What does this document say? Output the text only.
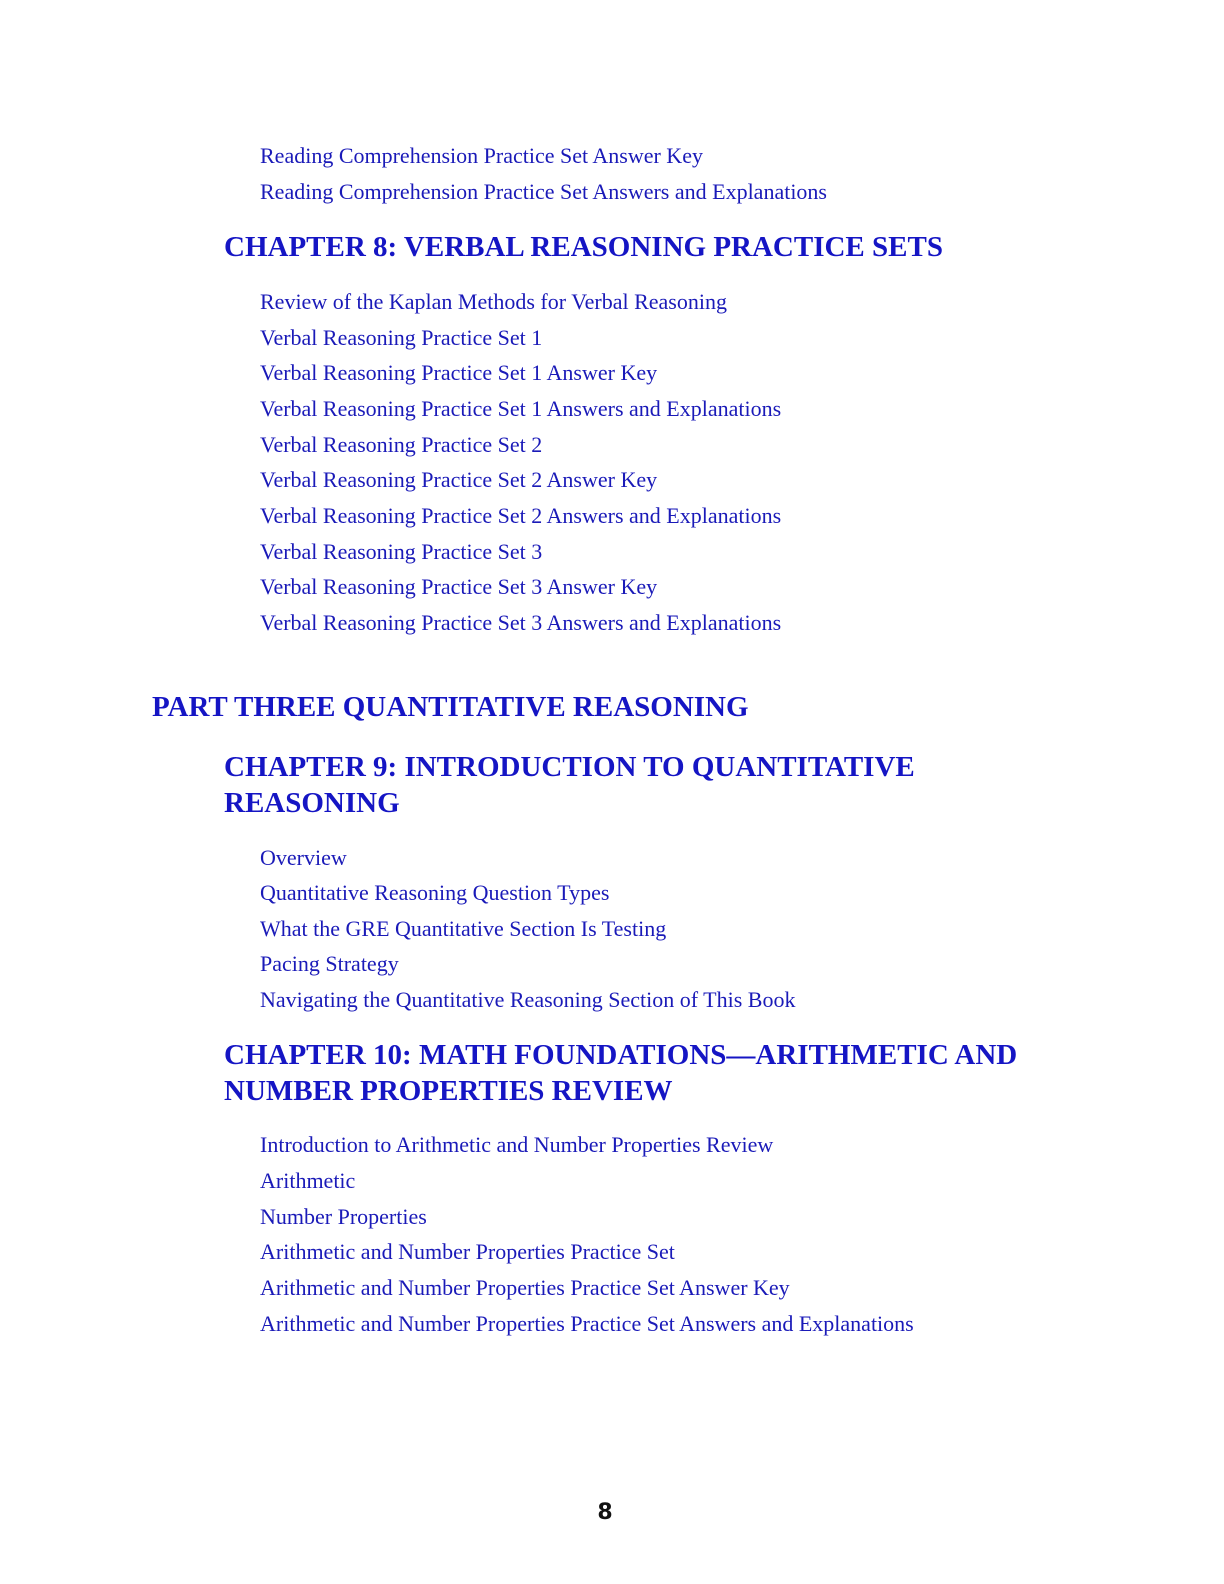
Reading Comprehension Practice Set Answer Key
Reading Comprehension Practice Set Answers and Explanations
CHAPTER 8: VERBAL REASONING PRACTICE SETS
Review of the Kaplan Methods for Verbal Reasoning
Verbal Reasoning Practice Set 1
Verbal Reasoning Practice Set 1 Answer Key
Verbal Reasoning Practice Set 1 Answers and Explanations
Verbal Reasoning Practice Set 2
Verbal Reasoning Practice Set 2 Answer Key
Verbal Reasoning Practice Set 2 Answers and Explanations
Verbal Reasoning Practice Set 3
Verbal Reasoning Practice Set 3 Answer Key
Verbal Reasoning Practice Set 3 Answers and Explanations
PART THREE QUANTITATIVE REASONING
CHAPTER 9: INTRODUCTION TO QUANTITATIVE
REASONING
Overview
Quantitative Reasoning Question Types
What the GRE Quantitative Section Is Testing
Pacing Strategy
Navigating the Quantitative Reasoning Section of This Book
CHAPTER 10: MATH FOUNDATIONS—ARITHMETIC AND
NUMBER PROPERTIES REVIEW
Introduction to Arithmetic and Number Properties Review
Arithmetic
Number Properties
Arithmetic and Number Properties Practice Set
Arithmetic and Number Properties Practice Set Answer Key
Arithmetic and Number Properties Practice Set Answers and Explanations
8
